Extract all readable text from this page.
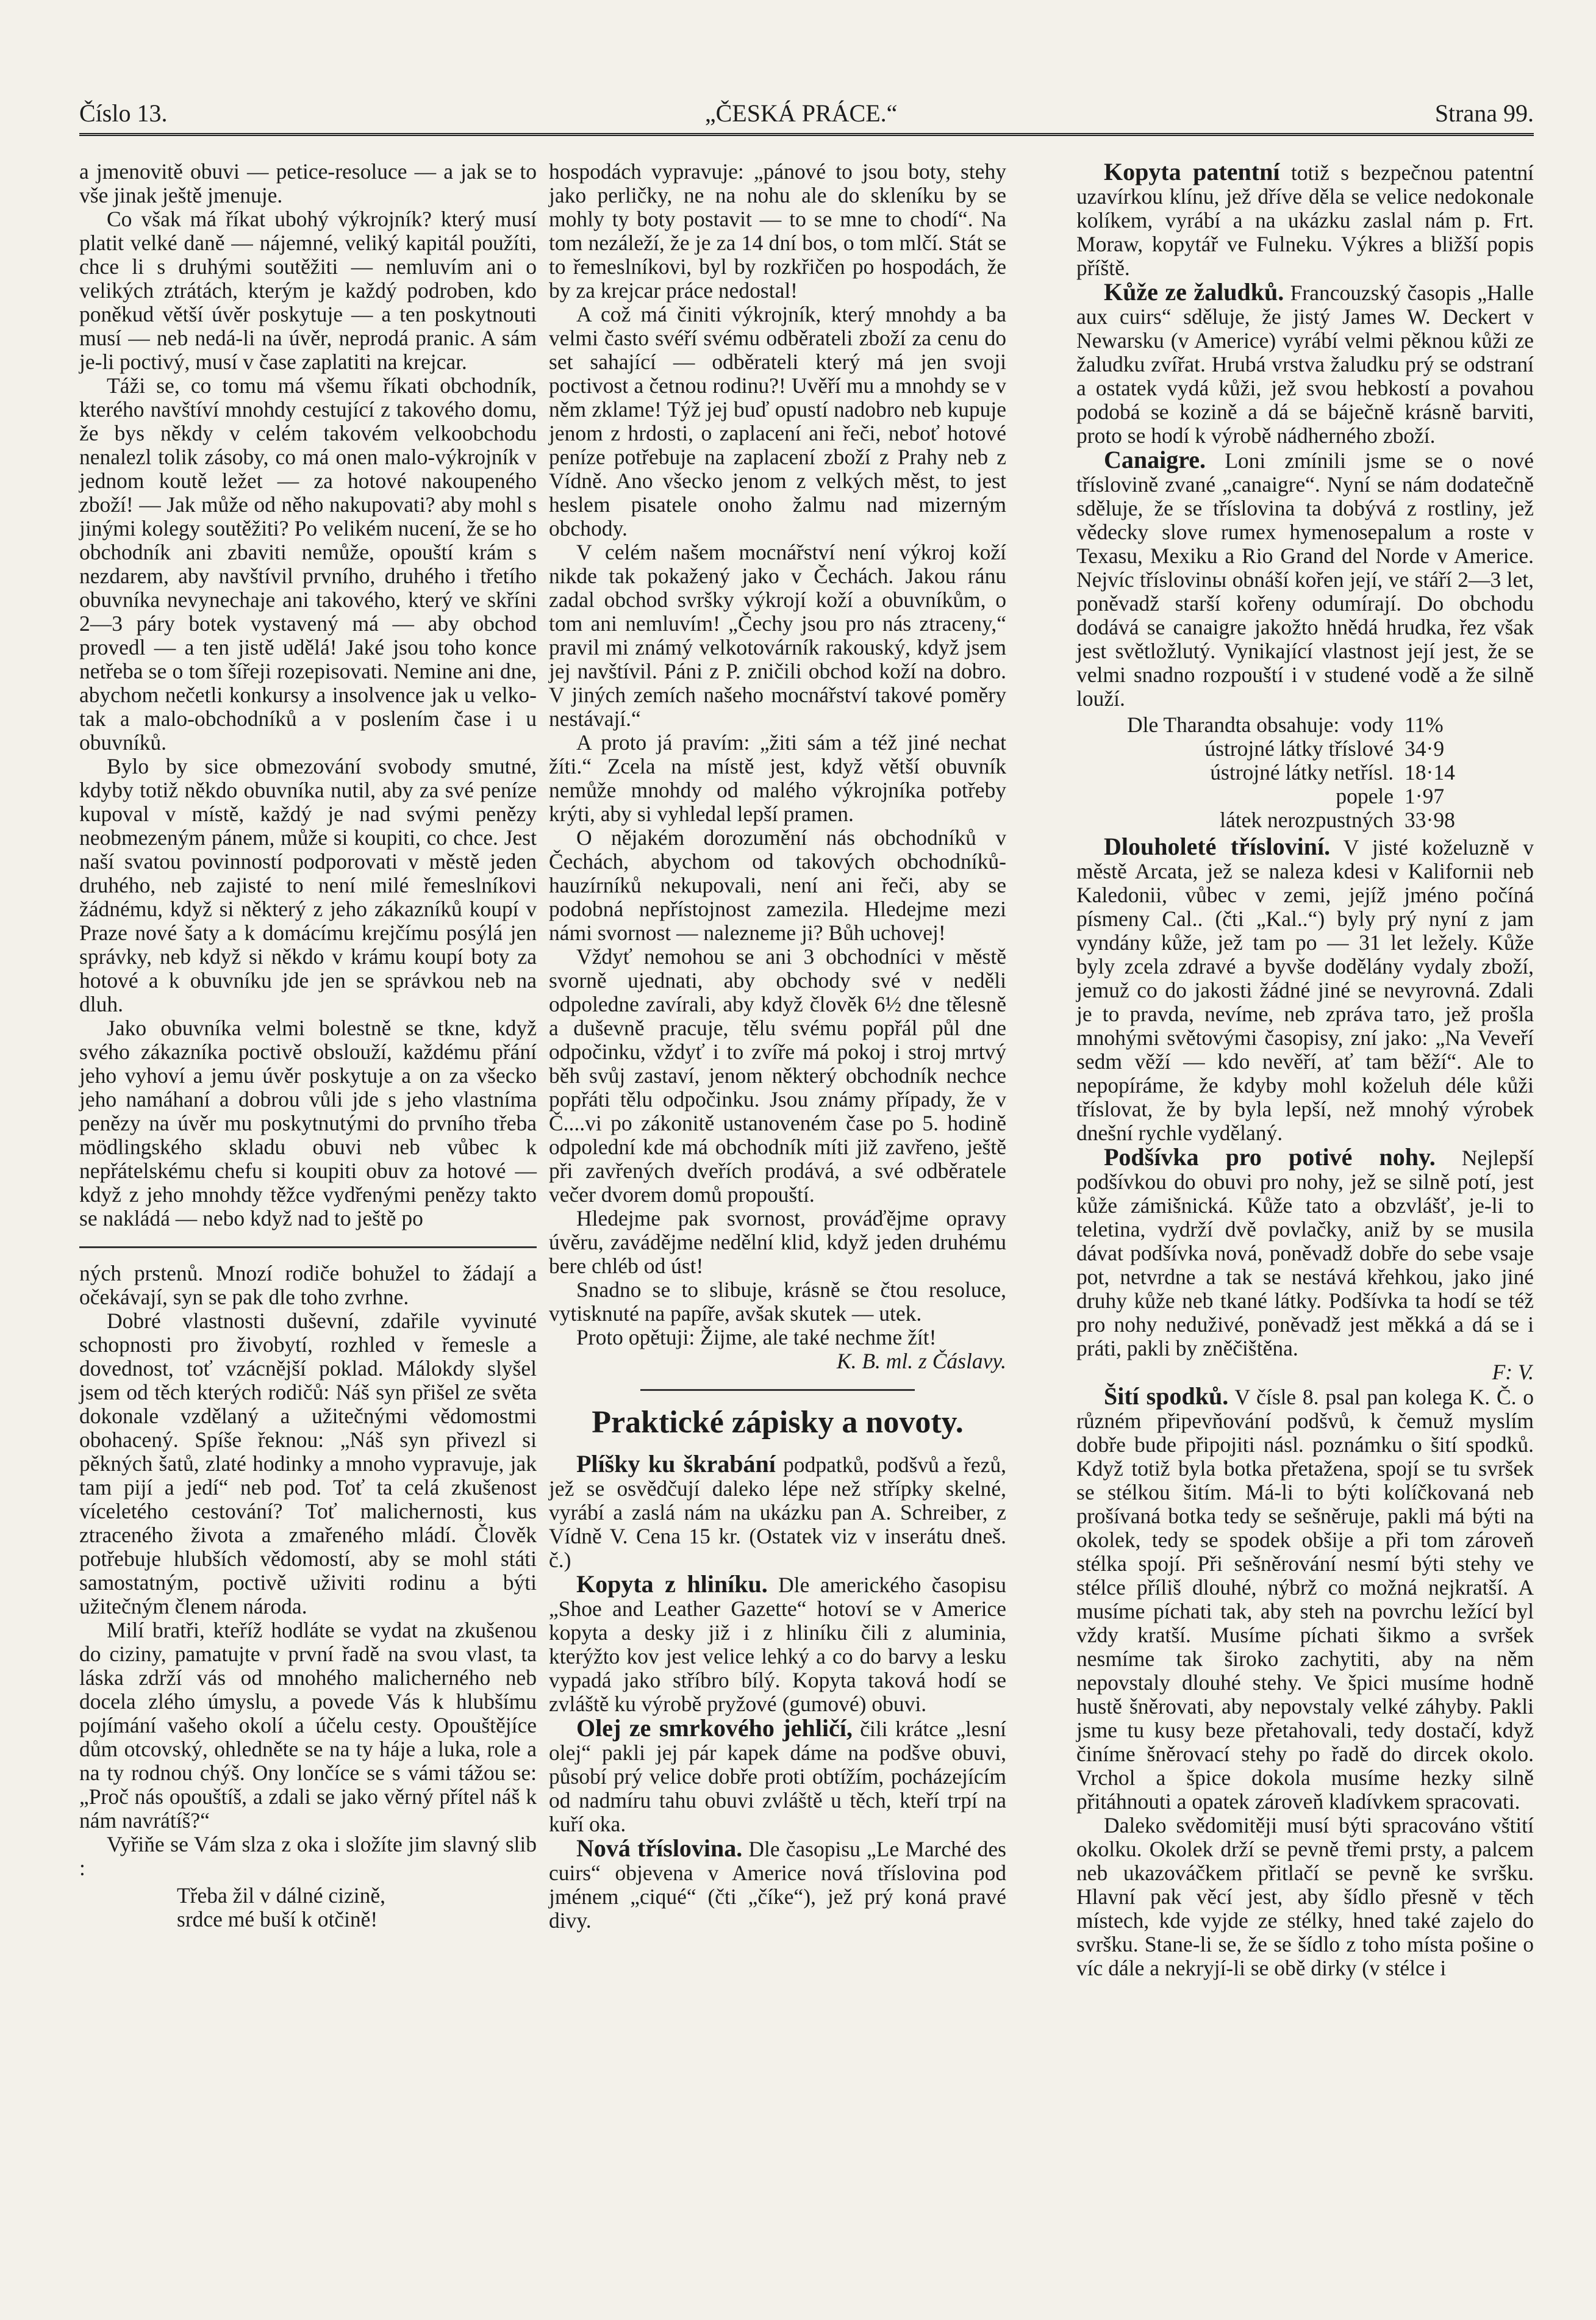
Číslo 13.	„ČESKÁ PRÁCE.“	Strana 99.

a jmenovitě obuvi — petice-resoluce — a jak se to vše jinak ještě jmenuje.

Co však má říkat ubohý výkrojník? který musí platit velké daně — nájemné, veliký kapitál použíti, chce li s druhými soutěžiti — nemluvím ani o velikých ztrátách, kterým je každý podroben, kdo poněkud větší úvěr poskytuje — a ten poskytnouti musí — neb nedá-li na úvěr, neprodá pranic. A sám je-li poctivý, musí v čase zaplatiti na krejcar.

Táži se, co tomu má všemu říkati obchodník, kterého navštíví mnohdy cestující z takového domu, že bys někdy v celém takovém velkoobchodu nenalezl tolik zásoby, co má onen malo-výkrojník v jednom koutě ležet — za hotové nakoupeného zboží! — Jak může od něho nakupovati? aby mohl s jinými kolegy soutěžiti? Po velikém nucení, že se ho obchodník ani zbaviti nemůže, opouští krám s nezdarem, aby navštívil prvního, druhého i třetího obuvníka nevynechaje ani takového, který ve skříni 2—3 páry botek vystavený má — aby obchod provedl — a ten jistě udělá! Jaké jsou toho konce netřeba se o tom šířeji rozepisovati. Nemine ani dne, abychom nečetli konkursy a insolvence jak u velko- tak a malo-obchodníků a v poslením čase i u obuvníků.

Bylo by sice obmezování svobody smutné, kdyby totiž někdo obuvníka nutil, aby za své peníze kupoval v místě, každý je nad svými penězy neobmezeným pánem, může si koupiti, co chce. Jest naší svatou povinností podporovati v městě jeden druhého, neb zajisté to není milé řemeslníkovi žádnému, když si některý z jeho zákazníků koupí v Praze nové šaty a k domácímu krejčímu posýlá jen správky, neb když si někdo v krámu koupí boty za hotové a k obuvníku jde jen se správkou neb na dluh.

Jako obuvníka velmi bolestně se tkne, když svého zákazníka poctivě obslouží, každému přání jeho vyhoví a jemu úvěr poskytuje a on za všecko jeho namáhaní a dobrou vůli jde s jeho vlastníma penězy na úvěr mu poskytnutými do prvního třeba mödlingského skladu obuvi neb vůbec k nepřátelskému chefu si koupiti obuv za hotové — když z jeho mnohdy těžce vydřenými penězy takto se nakládá — nebo když nad to ještě po

ných prstenů. Mnozí rodiče bohužel to žádají a očekávají, syn se pak dle toho zvrhne.

Dobré vlastnosti duševní, zdařile vyvinuté schopnosti pro živobytí, rozhled v řemesle a dovednost, toť vzácnější poklad. Málokdy slyšel jsem od těch kterých rodičů: Náš syn přišel ze světa dokonale vzdělaný a užitečnými vědomostmi obohacený. Spíše řeknou: „Náš syn přivezl si pěkných šatů, zlaté hodinky a mnoho vypravuje, jak tam pijí a jedí“ neb pod. Toť ta celá zkušenost víceletého cestování? Toť malichernosti, kus ztraceného života a zmařeného mládí. Člověk potřebuje hlubších vědomostí, aby se mohl státi samostatným, poctivě uživiti rodinu a býti užitečným členem národa.

Milí bratři, kteříž hodláte se vydat na zkušenou do ciziny, pamatujte v první řadě na svou vlast, ta láska zdrží vás od mnohého malicherného neb docela zlého úmyslu, a povede Vás k hlubšímu pojímání vašeho okolí a účelu cesty. Opouštějíce dům otcovský, ohledněte se na ty háje a luka, role a na ty rodnou chýš. Ony lončíce se s vámi tážou se: „Proč nás opouštíš, a zdali se jako věrný přítel náš k nám navrátíš?“

Vyřiňe se Vám slza z oka i složíte jim slavný slib :

Třeba žil v dálné cizině,
srdce mé buší k otčině!

hospodách vypravuje: „pánové to jsou boty, stehy jako perličky, ne na nohu ale do skleníku by se mohly ty boty postavit — to se mne to chodí“. Na tom nezáleží, že je za 14 dní bos, o tom mlčí. Stát se to řemeslníkovi, byl by rozkřičen po hospodách, že by za krejcar práce nedostal!

A což má činiti výkrojník, který mnohdy a ba velmi často svéří svému odběrateli zboží za cenu do set sahající — odběrateli který má jen svoji poctivost a četnou rodinu?! Uvěří mu a mnohdy se v něm zklame! Týž jej buď opustí nadobro neb kupuje jenom z hrdosti, o zaplacení ani řeči, neboť hotové peníze potřebuje na zaplacení zboží z Prahy neb z Vídně. Ano všecko jenom z velkých měst, to jest heslem pisatele onoho žalmu nad mizerným obchody.

V celém našem mocnářství není výkroj koží nikde tak pokažený jako v Čechách. Jakou ránu zadal obchod svršky výkrojí koží a obuvníkům, o tom ani nemluvím! „Čechy jsou pro nás ztraceny,“ pravil mi známý velkotovárník rakouský, když jsem jej navštívil. Páni z P. zničili obchod koží na dobro. V jiných zemích našeho mocnářství takové poměry nestávají.“

A proto já pravím: „žiti sám a též jiné nechat žíti.“ Zcela na místě jest, když větší obuvník nemůže mnohdy od malého výkrojníka potřeby krýti, aby si vyhledal lepší pramen.

O nějakém dorozumění nás obchodníků v Čechách, abychom od takových obchodníků-hauzírníků nekupovali, není ani řeči, aby se podobná nepřístojnost zamezila. Hledejme mezi námi svornost — nalezneme ji? Bůh uchovej!

Vždyť nemohou se ani 3 obchodníci v městě svorně ujednati, aby obchody své v neděli odpoledne zavírali, aby když člověk 6½ dne tělesně a duševně pracuje, tělu svému popřál půl dne odpočinku, vždyť i to zvíře má pokoj i stroj mrtvý běh svůj zastaví, jenom některý obchodník nechce popřáti tělu odpočinku. Jsou známy případy, že v Č....vi po zákonitě ustanoveném čase po 5. hodině odpolední kde má obchodník míti již zavřeno, ještě při zavřených dveřích prodává, a své odběratele večer dvorem domů propouští.

Hledejme pak svornost, prováďějme opravy úvěru, zavádějme nedělní klid, když jeden druhému bere chléb od úst!

Snadno se to slibuje, krásně se čtou resoluce, vytisknuté na papíře, avšak skutek — utek.

Proto opětuji: Žijme, ale také nechme žít!

K. B. ml. z Čáslavy.
Praktické zápisky a novoty.

Plíšky ku škrabání podpatků, podšvů a řezů, jež se osvědčují daleko lépe než střípky skelné, vyrábí a zaslá nám na ukázku pan A. Schreiber, z Vídně V. Cena 15 kr. (Ostatek viz v inserátu dneš. č.)

Kopyta z hliníku. Dle amerického časopisu „Shoe and Leather Gazette“ hotoví se v Americe kopyta a desky již i z hliníku čili z aluminia, kterýžto kov jest velice lehký a co do barvy a lesku vypadá jako stříbro bílý. Kopyta taková hodí se zvláště ku výrobě pryžové (gumové) obuvi.

Olej ze smrkového jehličí, čili krátce „lesní olej“ pakli jej pár kapek dáme na podšve obuvi, působí prý velice dobře proti obtížím, pocházejícím od nadmíru tahu obuvi zvláště u těch, kteří trpí na kuří oka.

Nová tříslovina. Dle časopisu „Le Marché des cuirs“ objevena v Americe nová tříslovina pod jménem „ciqué“ (čti „číke“), jež prý koná pravé divy.

Kopyta patentní totiž s bezpečnou patentní uzavírkou klínu, jež dříve děla se velice nedokonale kolíkem, vyrábí a na ukázku zaslal nám p. Frt. Moraw, kopytář ve Fulneku. Výkres a bližší popis příště.

Kůže ze žaludků. Francouzský časopis „Halle aux cuirs“ sděluje, že jistý James W. Deckert v Newarsku (v Americe) vyrábí velmi pěknou kůži ze žaludku zvířat. Hrubá vrstva žaludku prý se odstraní a ostatek vydá kůži, jež svou hebkostí a povahou podobá se kozině a dá se báječně krásně barviti, proto se hodí k výrobě nádherného zboží.

Canaigre. Loni zmínili jsme se o nové tříslovině zvané „canaigre“. Nyní se nám dodatečně sděluje, že se tříslovina ta dobývá z rostliny, jež vědecky slove rumex hymenosepalum a roste v Texasu, Mexiku a Rio Grand del Norde v Americe. Nejvíc tříslovinы obnáší kořen její, ve stáří 2—3 let, poněvadž starší kořeny odumírají. Do obchodu dodává se canaigre jakožto hnědá hrudka, řez však jest světložlutý. Vynikající vlastnost její jest, že se velmi snadno rozpouští i v studené vodě a že silně louží.

Dle Tharandta obsahuje: vody 11%
ústrojné látky tříslové 34·9
ústrojné látky netřísl. 18·14
popele 1·97
látek nerozpustných 33·98

Dlouholeté třísloviní. V jisté koželuzně v městě Arcata, jež se naleza kdesi v Kalifornii neb Kaledonii, vůbec v zemi, jejíž jméno počíná písmeny Cal.. (čti „Kal..“) byly prý nyní z jam vyndány kůže, jež tam po — 31 let ležely. Kůže byly zcela zdravé a byvše dodělány vydaly zboží, jemuž co do jakosti žádné jiné se nevyrovná. Zdali je to pravda, nevíme, neb zpráva taто, jež prošla mnohými světovými časopisy, zní jako: „Na Veveří sedm věží — kdo nevěří, ať tam běží“. Ale to nepopíráme, že kdyby mohl koželuh déle kůži tříslovat, že by byla lepší, než mnohý výrobek dnešní rychle vydělaný.

Podšívka pro potivé nohy. Nejlepší podšívkou do obuvi pro nohy, jež se silně potí, jest kůže zámišnická. Kůže tato a obzvlášť, je-li to teletina, vydrží dvě povlačky, aniž by se musila dávat podšívka nová, poněvadž dobře do sebe vsaje pot, netvrdne a tak se nestává křehkou, jako jiné druhy kůže neb tkané látky. Podšívka ta hodí se též pro nohy neduživé, poněvadž jest měkká a dá se i práti, pakli by zněčištěna.

F: V.

Šití spodků. V čísle 8. psal pan kolega K. Č. o různém připevňování podšvů, k čemuž myslím dobře bude připojiti násl. poznámku o šití spodků. Když totiž byla botka přetažena, spojí se tu svršek se stélkou šitím. Má-li to býti kolíčkovaná neb prošívaná botka tedy se sešněruje, pakli má býti na okolek, tedy se spodek obšije a při tom zároveň stélka spojí. Při sešněrování nesmí býti stehy ve stélce příliš dlouhé, nýbrž co možná nejkratší. A musíme píchati tak, aby steh na povrchu ležící byl vždy kratší. Musíme píchati šikmo a svršek nesmíme tak široko zachytiti, aby na něm nepovstaly dlouhé stehy. Ve špici musíme hodně hustě šněrovati, aby nepovstaly velké záhyby. Pakli jsme tu kusy beze přetahovali, tedy dostačí, když činíme šněrovací stehy po řadě do dircek okolo. Vrchol a špice dokola musíme hezky silně přitáhnouti a opatek zároveň kladívkem spracovati.

Daleko svědomitěji musí býti spracováno vštití okolku. Okolek drží se pevně třemi prsty, a palcem neb ukazováčkem přitlačí se pevně ke svršku. Hlavní pak věcí jest, aby šídlo přesně v těch místech, kde vyjde ze stélky, hned také zajelo do svršku. Stane-li se, že se šídlo z toho místa pošine o víc dále a nekryjí-li se obě dirky (v stélce i
